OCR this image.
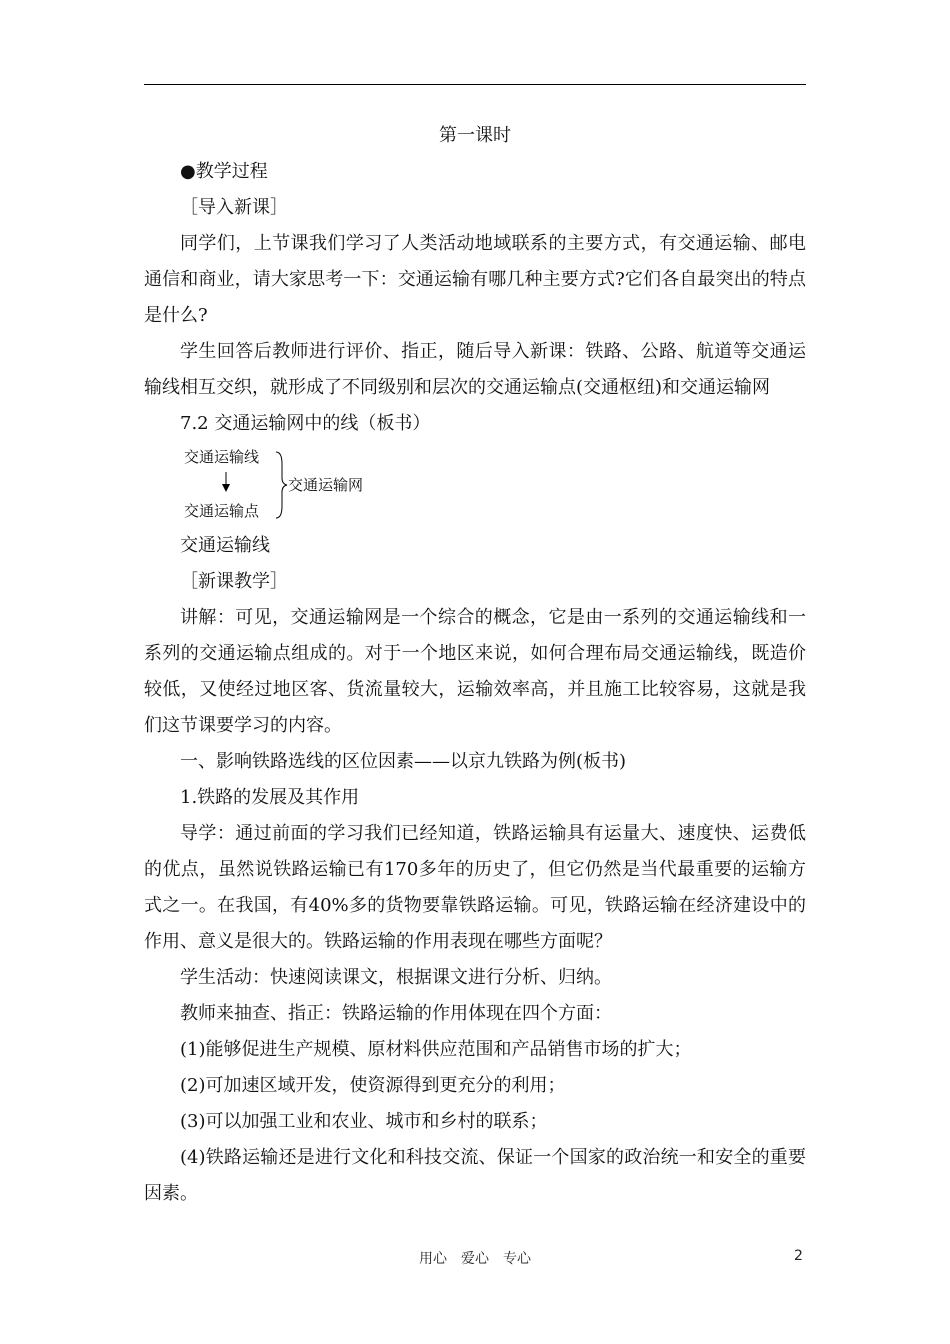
第一课时

●教学过程

［导入新课］

同学们，上节课我们学习了人类活动地域联系的主要方式，有交通运输、邮电通信和商业，请大家思考一下：交通运输有哪几种主要方式?它们各自最突出的特点是什么?

学生回答后教师进行评价、指正，随后导入新课：铁路、公路、航道等交通运输线相互交织，就形成了不同级别和层次的交通运输点(交通枢纽)和交通运输网

7.2 交通运输网中的线（板书）

交通运输线
交通运输点
交通运输网

交通运输线

［新课教学］

讲解：可见，交通运输网是一个综合的概念，它是由一系列的交通运输线和一系列的交通运输点组成的。对于一个地区来说，如何合理布局交通运输线，既造价较低，又使经过地区客、货流量较大，运输效率高，并且施工比较容易，这就是我们这节课要学习的内容。

一、影响铁路选线的区位因素——以京九铁路为例(板书)

1.铁路的发展及其作用

导学：通过前面的学习我们已经知道，铁路运输具有运量大、速度快、运费低的优点，虽然说铁路运输已有170多年的历史了，但它仍然是当代最重要的运输方式之一。在我国，有40%多的货物要靠铁路运输。可见，铁路运输在经济建设中的作用、意义是很大的。铁路运输的作用表现在哪些方面呢？

学生活动：快速阅读课文，根据课文进行分析、归纳。

教师来抽查、指正：铁路运输的作用体现在四个方面：

(1)能够促进生产规模、原材料供应范围和产品销售市场的扩大；

(2)可加速区域开发，使资源得到更充分的利用；

(3)可以加强工业和农业、城市和乡村的联系；

(4)铁路运输还是进行文化和科技交流、保证一个国家的政治统一和安全的重要因素。

用心　爱心　专心	2
